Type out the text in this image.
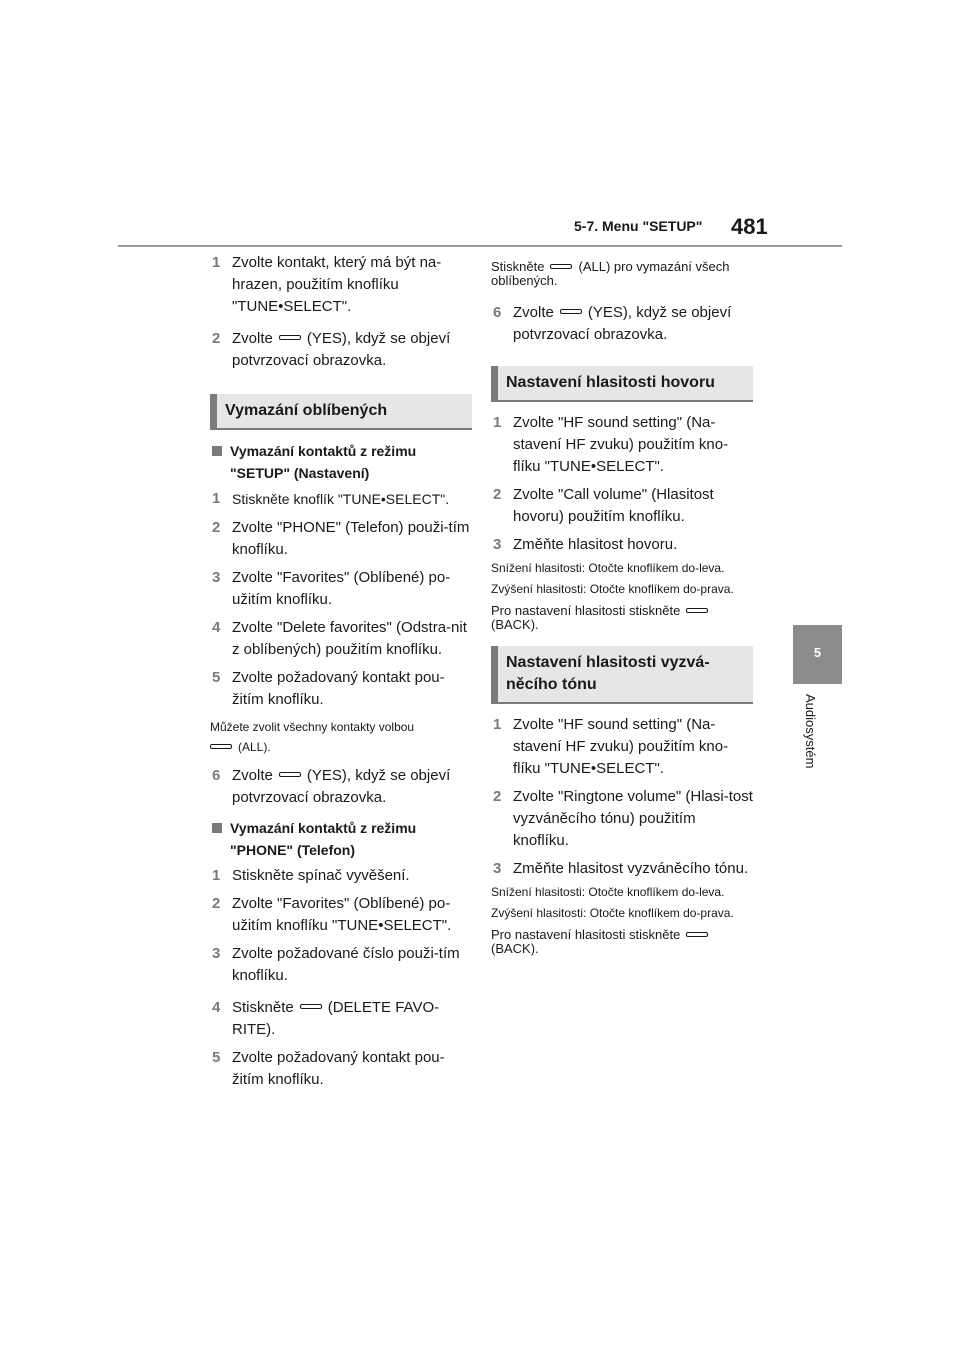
5-7. Menu "SETUP" 481
5
Audiosystém
1 Zvolte kontakt, který má být na-hrazen, použitím knoflíku "TUNE•SELECT".
2 Zvolte (YES), když se objeví potvrzovací obrazovka.
Vymazání oblíbených
Vymazání kontaktů z režimu "SETUP" (Nastavení)
1 Stiskněte knoflík "TUNE•SELECT".
2 Zvolte "PHONE" (Telefon) použi-tím knoflíku.
3 Zvolte "Favorites" (Oblíbené) po-užitím knoflíku.
4 Zvolte "Delete favorites" (Odstra-nit z oblíbených) použitím knoflíku.
5 Zvolte požadovaný kontakt pou-žitím knoflíku.
Můžete zvolit všechny kontakty volbou
(ALL).
6 Zvolte (YES), když se objeví potvrzovací obrazovka.
Vymazání kontaktů z režimu "PHONE" (Telefon)
1 Stiskněte spínač vyvěšení.
2 Zvolte "Favorites" (Oblíbené) po-užitím knoflíku "TUNE•SELECT".
3 Zvolte požadované číslo použi-tím knoflíku.
4 Stiskněte (DELETE FAVO-RITE).
5 Zvolte požadovaný kontakt pou-žitím knoflíku.
Stiskněte	(ALL) pro vymazání všech oblíbených.
6 Zvolte (YES), když se objeví potvrzovací obrazovka.
Nastavení hlasitosti hovoru
1 Zvolte "HF sound setting" (Na-stavení HF zvuku) použitím kno-flíku "TUNE•SELECT".
2 Zvolte "Call volume" (Hlasitost hovoru) použitím knoflíku.
3 Změňte hlasitost hovoru.
Snížení hlasitosti: Otočte knoflíkem do-leva.
Zvýšení hlasitosti: Otočte knoflíkem do-prava.
Pro nastavení hlasitosti stiskněte
(BACK).
Nastavení hlasitosti vyzvá-něcího tónu
1 Zvolte "HF sound setting" (Na-stavení HF zvuku) použitím kno-flíku "TUNE•SELECT".
2 Zvolte "Ringtone volume" (Hlasi-tost vyzváněcího tónu) použitím knoflíku.
3 Změňte hlasitost vyzváněcího tónu.
Snížení hlasitosti: Otočte knoflíkem do-leva.
Zvýšení hlasitosti: Otočte knoflíkem do-prava.
Pro nastavení hlasitosti stiskněte
(BACK).
